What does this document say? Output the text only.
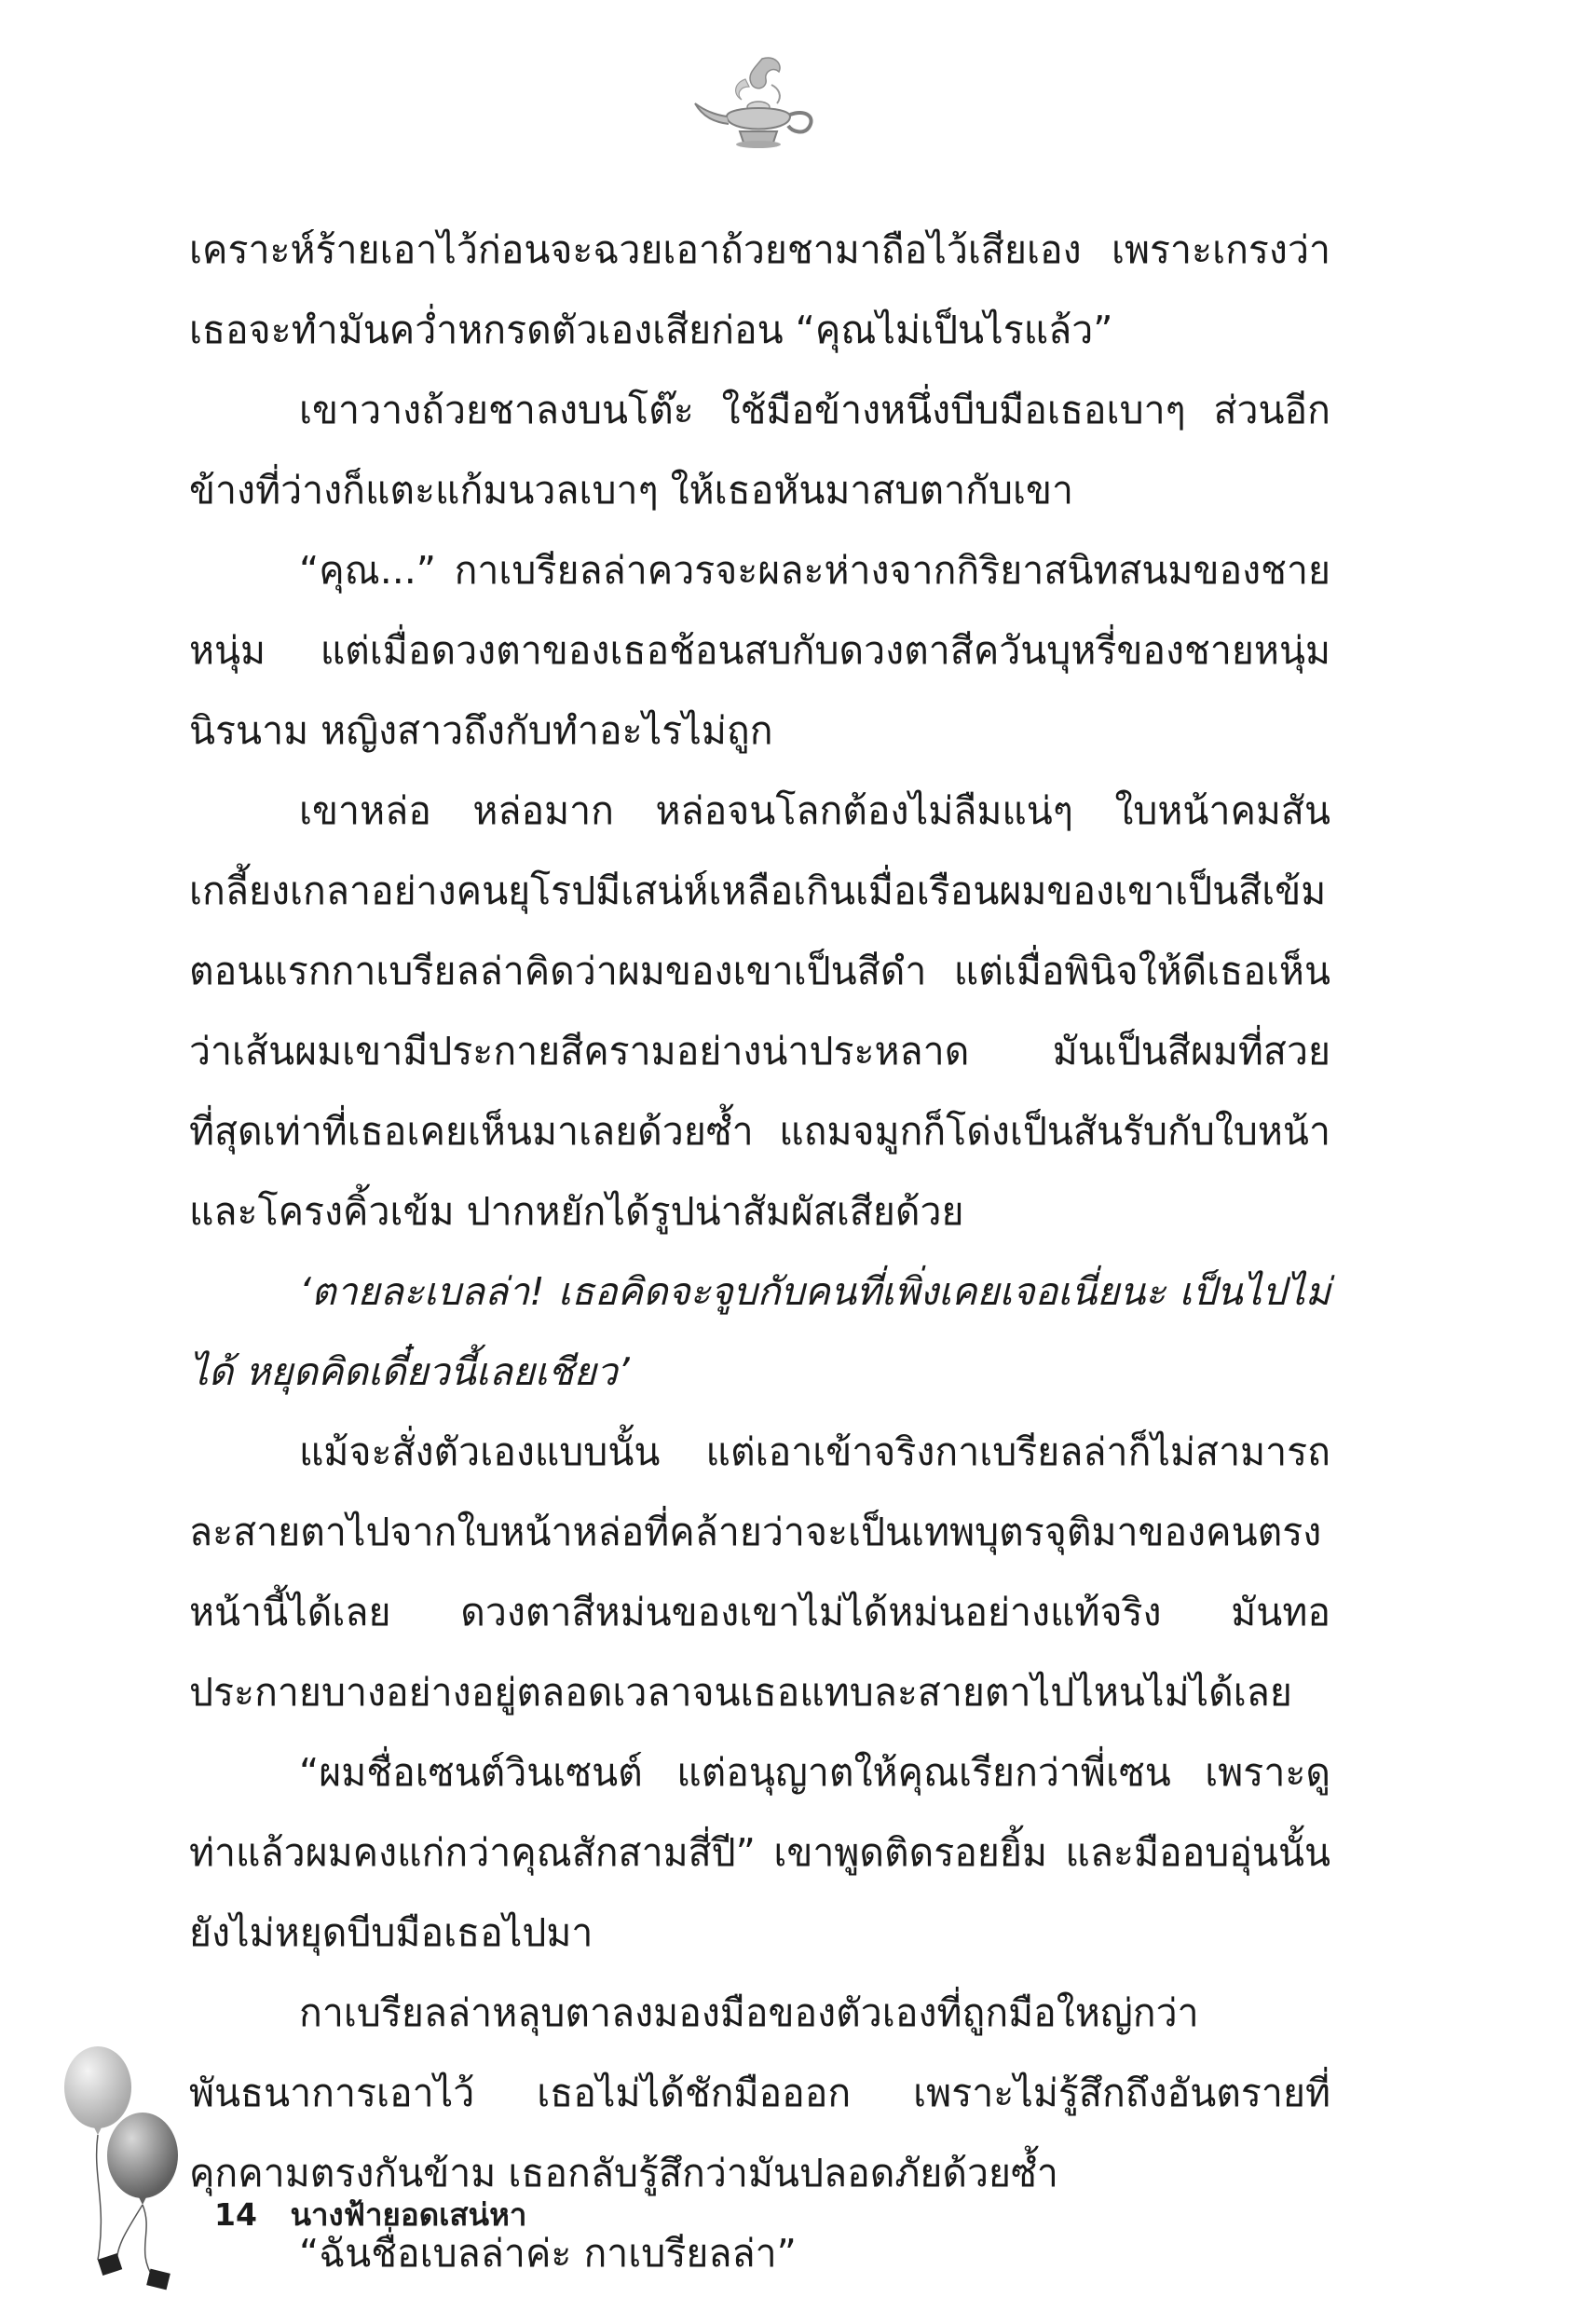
เคราะห์ร้ายเอาไว้ก่อนจะฉวยเอาถ้วยชามาถือไว้เสียเอง เพราะเกรงว่าเธอจะทำมันคว่ำหกรดตัวเองเสียก่อน “คุณไม่เป็นไรแล้ว”

เขาวางถ้วยชาลงบนโต๊ะ ใช้มือข้างหนึ่งบีบมือเธอเบาๆ ส่วนอีกข้างที่ว่างก็แตะแก้มนวลเบาๆ ให้เธอหันมาสบตากับเขา

“คุณ...” กาเบรียลล่าควรจะผละห่างจากกิริยาสนิทสนมของชายหนุ่ม แต่เมื่อดวงตาของเธอช้อนสบกับดวงตาสีควันบุหรี่ของชายหนุ่มนิรนาม หญิงสาวถึงกับทำอะไรไม่ถูก

เขาหล่อ หล่อมาก หล่อจนโลกต้องไม่ลืมแน่ๆ ใบหน้าคมสันเกลี้ยงเกลาอย่างคนยุโรปมีเสน่ห์เหลือเกินเมื่อเรือนผมของเขาเป็นสีเข้มตอนแรกกาเบรียลล่าคิดว่าผมของเขาเป็นสีดำ แต่เมื่อพินิจให้ดีเธอเห็นว่าเส้นผมเขามีประกายสีครามอย่างน่าประหลาด มันเป็นสีผมที่สวยที่สุดเท่าที่เธอเคยเห็นมาเลยด้วยซ้ำ แถมจมูกก็โด่งเป็นสันรับกับใบหน้าและโครงคิ้วเข้ม ปากหยักได้รูปน่าสัมผัสเสียด้วย

‘ตายละเบลล่า! เธอคิดจะจูบกับคนที่เพิ่งเคยเจอเนี่ยนะ เป็นไปไม่ได้ หยุดคิดเดี๋ยวนี้เลยเชียว’

แม้จะสั่งตัวเองแบบนั้น แต่เอาเข้าจริงกาเบรียลล่าก็ไม่สามารถละสายตาไปจากใบหน้าหล่อที่คล้ายว่าจะเป็นเทพบุตรจุติมาของคนตรงหน้านี้ได้เลย ดวงตาสีหม่นของเขาไม่ได้หม่นอย่างแท้จริง มันทอประกายบางอย่างอยู่ตลอดเวลาจนเธอแทบละสายตาไปไหนไม่ได้เลย

“ผมชื่อเซนต์วินเซนต์ แต่อนุญาตให้คุณเรียกว่าพี่เซน เพราะดูท่าแล้วผมคงแก่กว่าคุณสักสามสี่ปี” เขาพูดติดรอยยิ้ม และมืออบอุ่นนั้นยังไม่หยุดบีบมือเธอไปมา

กาเบรียลล่าหลุบตาลงมองมือของตัวเองที่ถูกมือใหญ่กว่าพันธนาการเอาไว้ เธอไม่ได้ชักมือออก เพราะไม่รู้สึกถึงอันตรายที่คุกคามตรงกันข้าม เธอกลับรู้สึกว่ามันปลอดภัยด้วยซ้ำ

“ฉันชื่อเบลล่าค่ะ กาเบรียลล่า”

14 นางฟ้ายอดเสน่หา
